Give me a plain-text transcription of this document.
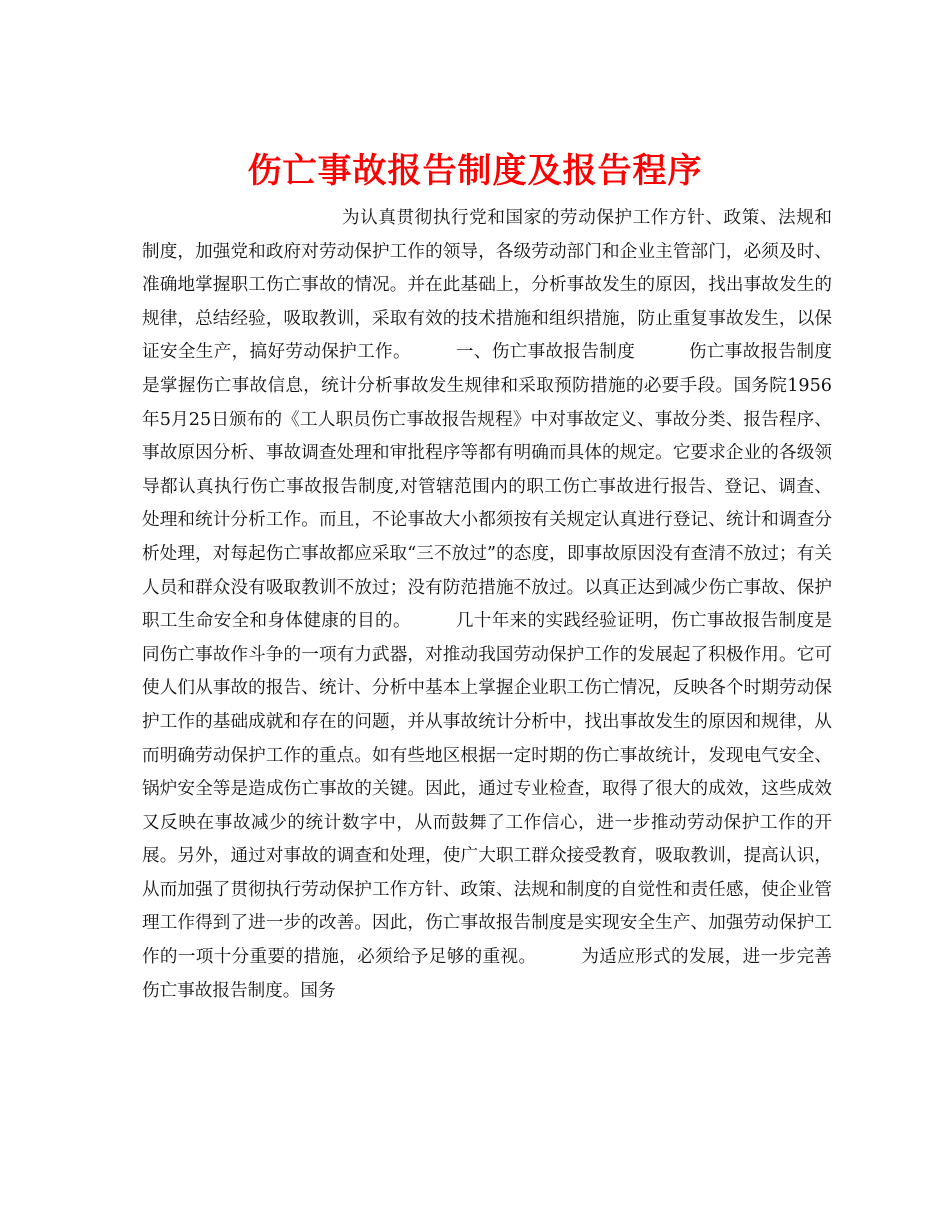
伤亡事故报告制度及报告程序

为认真贯彻执行党和国家的劳动保护工作方针、政策、法规和制度，加强党和政府对劳动保护工作的领导，各级劳动部门和企业主管部门，必须及时、准确地掌握职工伤亡事故的情况。并在此基础上，分析事故发生的原因，找出事故发生的规律，总结经验，吸取教训，采取有效的技术措施和组织措施，防止重复事故发生，以保证安全生产，搞好劳动保护工作。　　　一、伤亡事故报告制度　　　伤亡事故报告制度是掌握伤亡事故信息，统计分析事故发生规律和采取预防措施的必要手段。国务院1956年5月25日颁布的《工人职员伤亡事故报告规程》中对事故定义、事故分类、报告程序、事故原因分析、事故调查处理和审批程序等都有明确而具体的规定。它要求企业的各级领导都认真执行伤亡事故报告制度,对管辖范围内的职工伤亡事故进行报告、登记、调查、处理和统计分析工作。而且，不论事故大小都须按有关规定认真进行登记、统计和调查分析处理，对每起伤亡事故都应采取“三不放过”的态度，即事故原因没有查清不放过；有关人员和群众没有吸取教训不放过；没有防范措施不放过。以真正达到减少伤亡事故、保护职工生命安全和身体健康的目的。　　　几十年来的实践经验证明，伤亡事故报告制度是同伤亡事故作斗争的一项有力武器，对推动我国劳动保护工作的发展起了积极作用。它可使人们从事故的报告、统计、分析中基本上掌握企业职工伤亡情况，反映各个时期劳动保护工作的基础成就和存在的问题，并从事故统计分析中，找出事故发生的原因和规律，从而明确劳动保护工作的重点。如有些地区根据一定时期的伤亡事故统计，发现电气安全、锅炉安全等是造成伤亡事故的关键。因此，通过专业检查，取得了很大的成效，这些成效又反映在事故减少的统计数字中，从而鼓舞了工作信心，进一步推动劳动保护工作的开展。另外，通过对事故的调查和处理，使广大职工群众接受教育，吸取教训，提高认识，从而加强了贯彻执行劳动保护工作方针、政策、法规和制度的自觉性和责任感，使企业管理工作得到了进一步的改善。因此，伤亡事故报告制度是实现安全生产、加强劳动保护工作的一项十分重要的措施，必须给予足够的重视。　　　为适应形式的发展，进一步完善伤亡事故报告制度。国务
